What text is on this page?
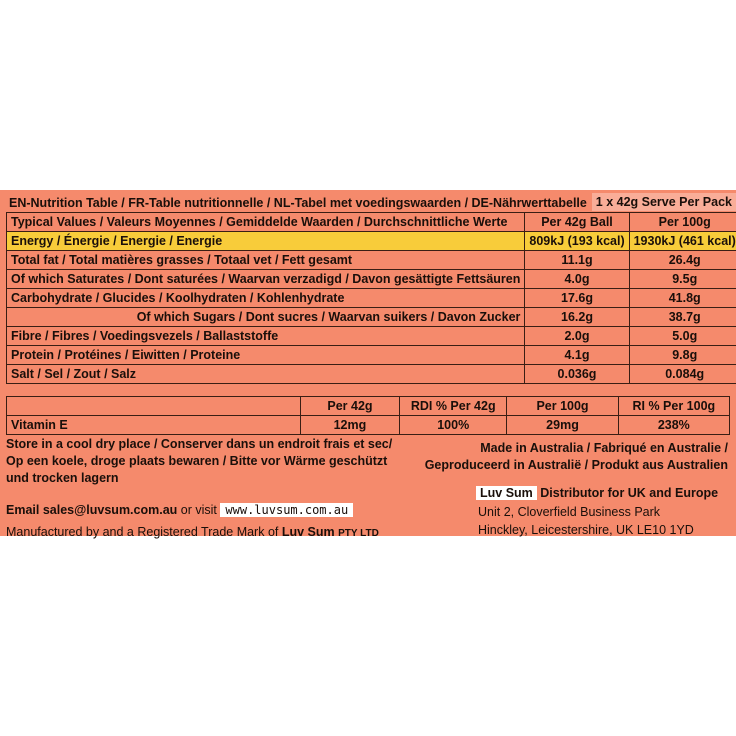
EN-Nutrition Table / FR-Table nutritionnelle / NL-Tabel met voedingswaarden / DE-Nährwerttabelle 1 x 42g Serve Per Pack
Typical Values / Valeurs Moyennes / Gemiddelde Waarden / Durchschnittliche Werte	Per 42g Ball	Per 100g
Energy / Énergie / Energie / Energie	809kJ (193 kcal)	1930kJ (461 kcal)
Total fat / Total matières grasses / Totaal vet / Fett gesamt	11.1g	26.4g
Of which Saturates / Dont saturées / Waarvan verzadigd / Davon gesättigte Fettsäuren	4.0g	9.5g
Carbohydrate / Glucides / Koolhydraten / Kohlenhydrate	17.6g	41.8g
Of which Sugars / Dont sucres / Waarvan suikers / Davon Zucker	16.2g	38.7g
Fibre / Fibres / Voedingsvezels / Ballaststoffe	2.0g	5.0g
Protein / Protéines / Eiwitten / Proteine	4.1g	9.8g
Salt / Sel / Zout / Salz	0.036g	0.084g
	Per 42g	RDI % Per 42g	Per 100g	RI % Per 100g
Vitamin E	12mg	100%	29mg	238%
Store in a cool dry place / Conserver dans un endroit frais et sec/ Op een koele, droge plaats bewaren / Bitte vor Wärme geschützt und trocken lagern
Made in Australia / Fabriqué en Australie / Geproduceerd in Australië / Produkt aus Australien
Email sales@luvsum.com.au or visit www.luvsum.com.au
Manufactured by and a Registered Trade Mark of Luv Sum PTY LTD
Luv Sum Distributor for UK and Europe
Unit 2, Cloverfield Business Park
Hinckley, Leicestershire, UK LE10 1YD
